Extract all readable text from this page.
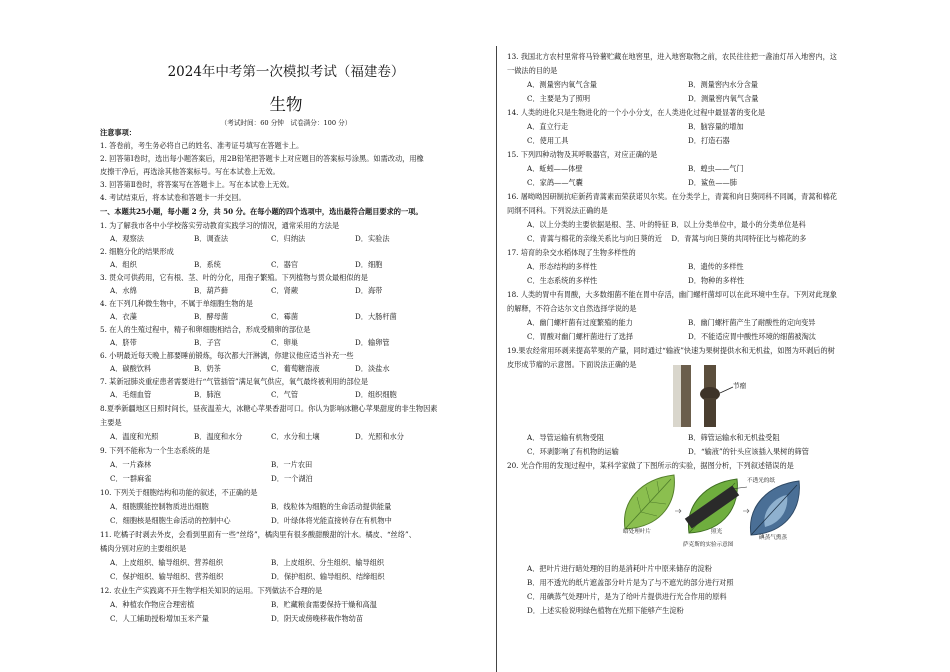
2024年中考第一次模拟考试（福建卷）
生物
（考试时间：60 分钟　试卷满分：100 分）
注意事项：
1. 答卷前，考生务必将自己的姓名、准考证号填写在答题卡上。
2. 回答第Ⅰ卷时，选出每小题答案后，用2B铅笔把答题卡上对应题目的答案标号涂黑。如需改动，用橡
皮擦干净后，再选涂其他答案标号。写在本试卷上无效。
3. 回答第Ⅱ卷时，将答案写在答题卡上。写在本试卷上无效。
4. 考试结束后，将本试卷和答题卡一并交回。
一、本题共25小题，每小题 2 分，共 50 分。在每小题的四个选项中，选出最符合题目要求的一项。
1. 为了解我市各中小学校落实劳动教育实践学习的情况，通常采用的方法是
A．观察法	B．调查法	C．归纳法	D．实验法
2. 细胞分化的结果形成
A．组织	B．系统	C．器官	D．细胞
3. 贯众可供药用，它有根、茎、叶的分化，用孢子繁殖。下列植物与贯众最相似的是
A．水绵	B．葫芦藓	C．肾蕨	D．海带
4. 在下列几种微生物中，不属于单细胞生物的是
A．衣藻	B．酵母菌	C．霉菌	D．大肠杆菌
5. 在人的生殖过程中，精子和卵细胞相结合，形成受精卵的部位是
A．脐带	B．子宫	C．卵巢	D．输卵管
6. 小明最近每天晚上都要睡前锻炼，每次都大汗淋漓，你建议他应适当补充一些
A．碳酸饮料	B．奶茶	C．葡萄糖溶液	D．淡盐水
7. 某新冠肺炎重症患者需要进行“气管插管”满足氧气供应，氧气最终被利用的部位是
A．毛细血管	B．肺泡	C．气管	D．组织细胞
8.夏季新疆地区日照时间长，昼夜温差大，冰糖心苹果香甜可口。你认为影响冰糖心苹果甜度的非生物因素
主要是
A．温度和光照	B．温度和水分	C．水分和土壤	D．光照和水分
9. 下列不能称为一个生态系统的是
A．一片森林	B．一片农田
C．一群麻雀	D．一个湖泊
10. 下列关于细胞结构和功能的叙述，不正确的是
A．细胞膜能控制物质进出细胞	B．线粒体为细胞的生命活动提供能量
C．细胞核是细胞生命活动的控制中心	D．叶绿体将光能直接转存在有机物中
11. 吃橘子时剥去外皮，会看到里面有一些“丝络”，橘肉里有很多酸甜酸甜的汁水。橘皮、“丝络”、
橘肉分别对应的主要组织是
A．上皮组织、输导组织、营养组织	B．上皮组织、分生组织、输导组织
C．保护组织、输导组织、营养组织	D．保护组织、输导组织、结缔组织
12. 农业生产实践离不开生物学相关知识的运用。下列做法不合理的是
A．种植农作物应合理密植	B．贮藏粮食需要保持干燥和高温
C．人工辅助授粉增加玉米产量	D．阴天或傍晚移栽作物幼苗
13. 我国北方农村里常将马铃薯贮藏在地窖里，进入地窖取物之前，农民往往把一盏油灯吊入地窖内，这
一做法的目的是
A．测量窖内氧气含量	B．测量窖内水分含量
C．主要是为了照明	D．测量窖内氧气含量
14. 人类的进化只是生物进化的一个小小分支，在人类进化过程中最显著的变化是
A．直立行走	B．脑容量的增加
C．使用工具	D．打造石器
15. 下列四种动物及其呼吸器官，对应正确的是
A．蚯蚓——体壁	B．蝗虫——气门
C．家鸽——气囊	D．鲨鱼——肺
16. 屠呦呦因研制抗疟新药青蒿素而荣获诺贝尔奖。在分类学上，青蒿和向日葵同科不同属，青蒿和棉花
同纲不同科。下列说法正确的是
A．以上分类的主要依据是根、茎、叶的特征 B．以上分类单位中，最小的分类单位是科
C．青蒿与棉花的亲缘关系比与向日葵的近　 D．青蒿与向日葵的共同特征比与棉花的多
17. 培育的杂交水稻体现了生物多样性的
A．形态结构的多样性	B．遗传的多样性
C．生态系统的多样性	D．物种的多样性
18. 人类的胃中有胃酸，大多数细菌不能在胃中存活，幽门螺杆菌却可以在此环境中生存。下列对此现象
的解释，不符合达尔文自然选择学说的是
A．幽门螺杆菌有过度繁殖的能力	B．幽门螺杆菌产生了耐酸性的定向变异
C．胃酸对幽门螺杆菌进行了选择	D．不能适应胃中酸性环境的细菌被淘汰
19.果农经常用环剥来提高苹果的产量，同时通过“输液”快速为果树提供水和无机盐，如图为环剥后的树
皮形成节瘤的示意图。下面说法正确的是
节瘤
A．导管运输有机物受阻	B．筛管运输水和无机盐受阻
C．环剥影响了有机物的运输	D．“输液”的针头应该插入果树的筛管
20. 光合作用的发现过程中，某科学家做了下图所示的实验，据图分析，下列叙述错误的是
不透光的纸
暗处理叶片	照光
碘蒸气熏蒸
萨克斯的实验示意图
A．把叶片进行暗处理的目的是消耗叶片中原来储存的淀粉
B．用不透光的纸片遮盖部分叶片是为了与不遮光的部分进行对照
C．用碘蒸气处理叶片，是为了给叶片提供进行光合作用的原料
D．上述实验说明绿色植物在光照下能够产生淀粉
